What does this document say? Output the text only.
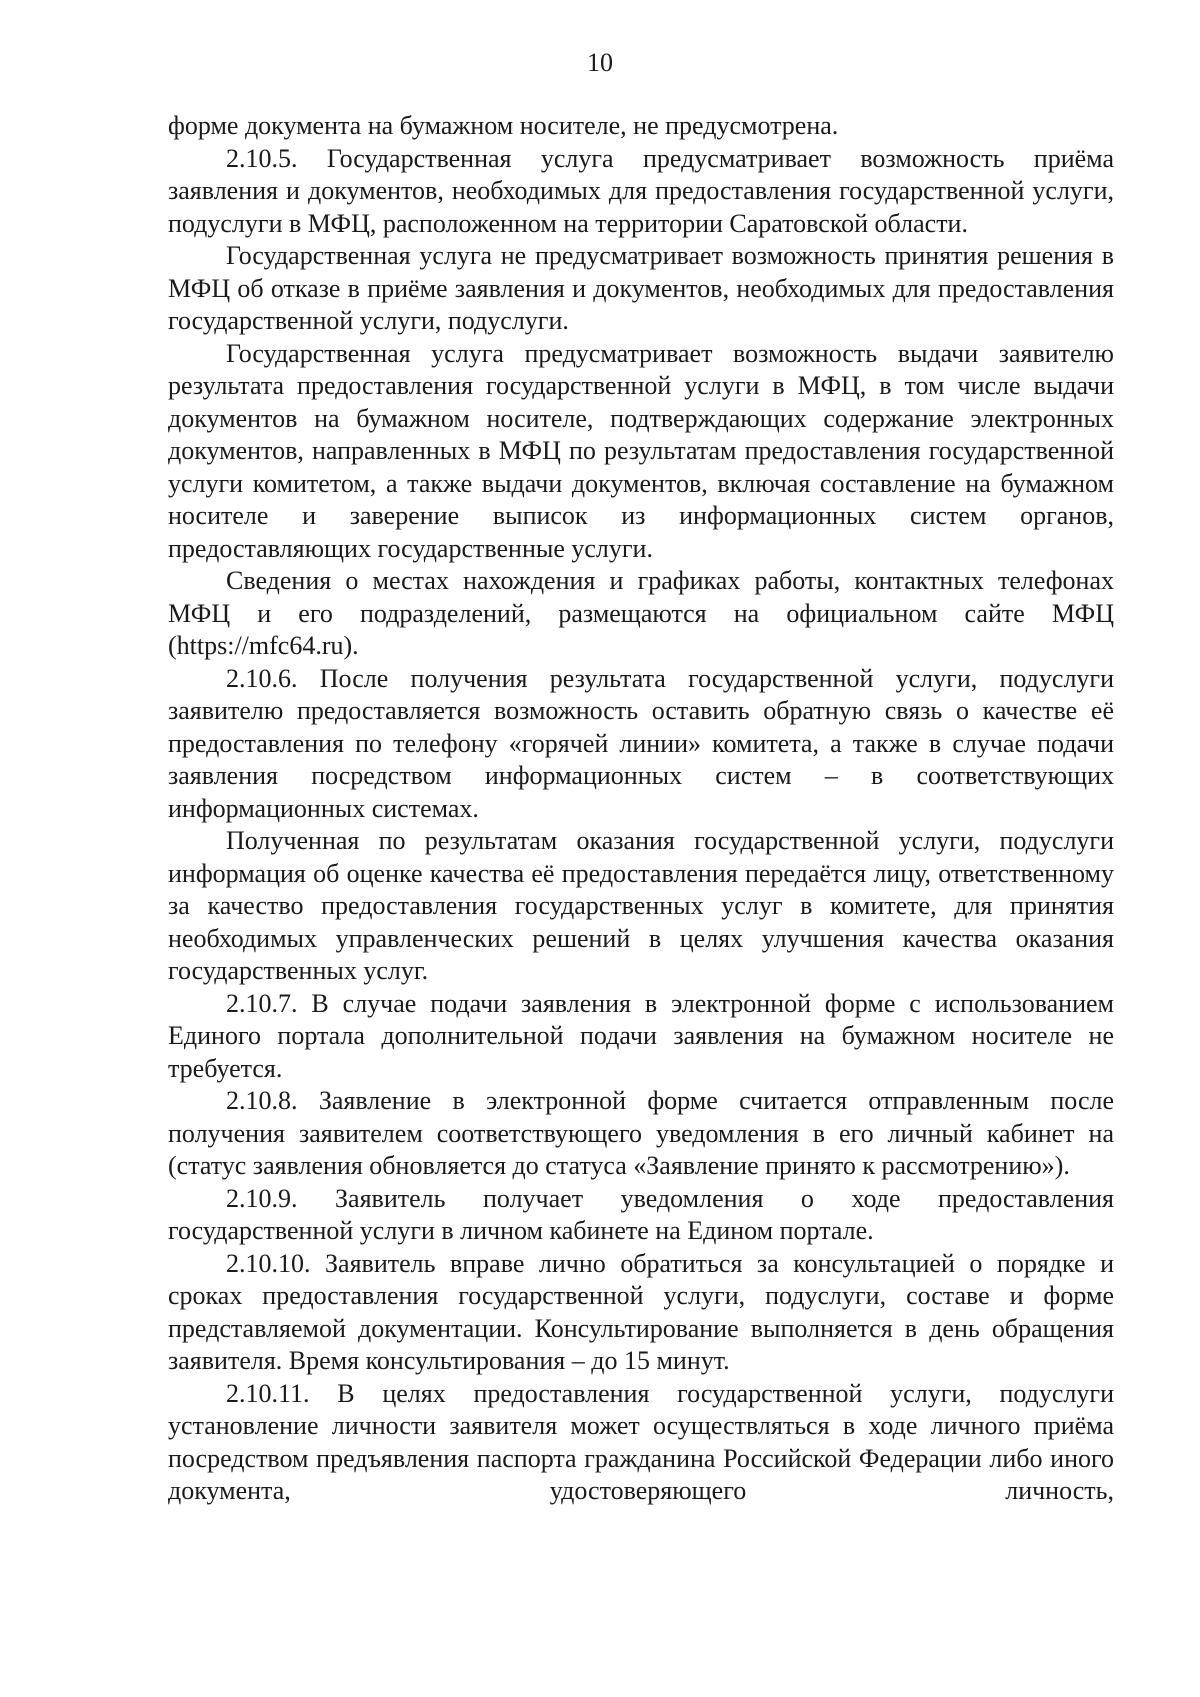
10

форме документа на бумажном носителе, не предусмотрена.

2.10.5. Государственная услуга предусматривает возможность приёма заявления и документов, необходимых для предоставления государственной услуги, подуслуги в МФЦ, расположенном на территории Саратовской области.

Государственная услуга не предусматривает возможность принятия решения в МФЦ об отказе в приёме заявления и документов, необходимых для предоставления государственной услуги, подуслуги.

Государственная услуга предусматривает возможность выдачи заявителю результата предоставления государственной услуги в МФЦ, в том числе выдачи документов на бумажном носителе, подтверждающих содержание электронных документов, направленных в МФЦ по результатам предоставления государственной услуги комитетом, а также выдачи документов, включая составление на бумажном носителе и заверение выписок из информационных систем органов, предоставляющих государственные услуги.

Сведения о местах нахождения и графиках работы, контактных телефонах МФЦ и его подразделений, размещаются на официальном сайте МФЦ (https://mfc64.ru).

2.10.6. После получения результата государственной услуги, подуслуги заявителю предоставляется возможность оставить обратную связь о качестве её предоставления по телефону «горячей линии» комитета, а также в случае подачи заявления посредством информационных систем – в соответствующих информационных системах.

Полученная по результатам оказания государственной услуги, подуслуги информация об оценке качества её предоставления передаётся лицу, ответственному за качество предоставления государственных услуг в комитете, для принятия необходимых управленческих решений в целях улучшения качества оказания государственных услуг.

2.10.7. В случае подачи заявления в электронной форме с использованием Единого портала дополнительной подачи заявления на бумажном носителе не требуется.

2.10.8. Заявление в электронной форме считается отправленным после получения заявителем соответствующего уведомления в его личный кабинет на (статус заявления обновляется до статуса «Заявление принято к рассмотрению»).

2.10.9. Заявитель получает уведомления о ходе предоставления государственной услуги в личном кабинете на Едином портале.

2.10.10. Заявитель вправе лично обратиться за консультацией о порядке и сроках предоставления государственной услуги, подуслуги, составе и форме представляемой документации. Консультирование выполняется в день обращения заявителя. Время консультирования – до 15 минут.

2.10.11. В целях предоставления государственной услуги, подуслуги установление личности заявителя может осуществляться в ходе личного приёма посредством предъявления паспорта гражданина Российской Федерации либо иного документа, удостоверяющего личность,
